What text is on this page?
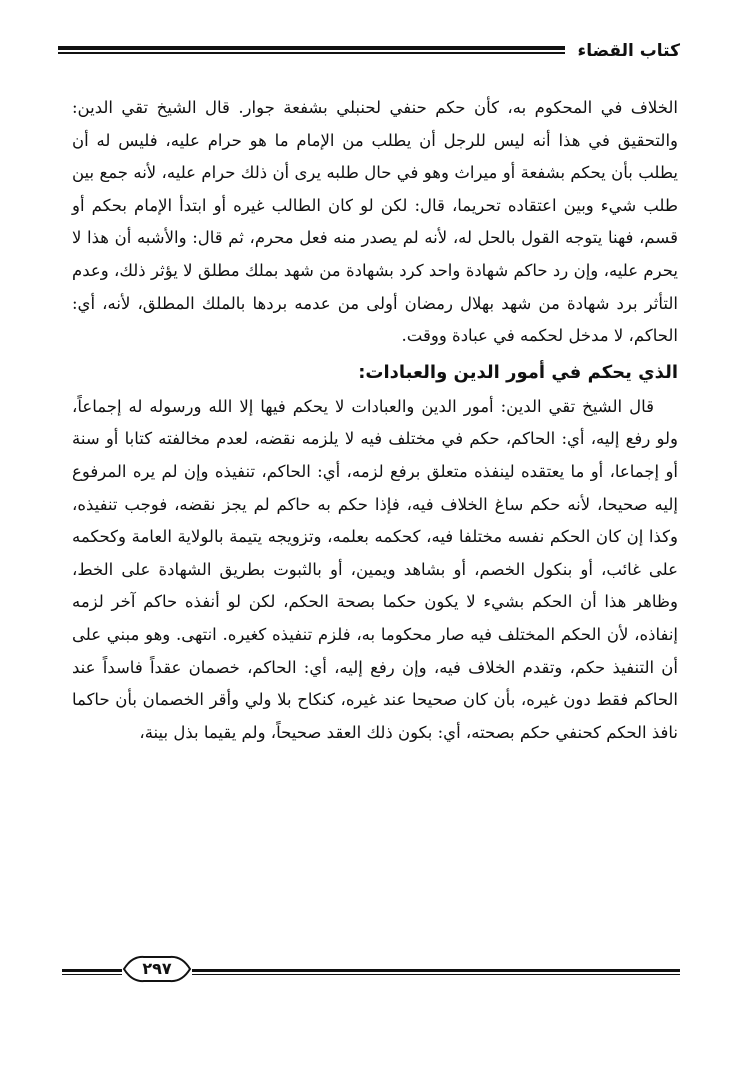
كتاب القضاء

الخلاف في المحكوم به، كأن حكم حنفي لحنبلي بشفعة جوار. قال الشيخ تقي الدين: والتحقيق في هذا أنه ليس للرجل أن يطلب من الإمام ما هو حرام عليه، فليس له أن يطلب بأن يحكم بشفعة أو ميراث وهو في حال طلبه يرى أن ذلك حرام عليه، لأنه جمع بين طلب شيء وبين اعتقاده تحريما، قال: لكن لو كان الطالب غيره أو ابتدأ الإمام بحكم أو قسم، فهنا يتوجه القول بالحل له، لأنه لم يصدر منه فعل محرم، ثم قال: والأشبه أن هذا لا يحرم عليه، وإن رد حاكم شهادة واحد كرد بشهادة من شهد بملك مطلق لا يؤثر ذلك، وعدم التأثر برد شهادة من شهد بهلال رمضان أولى من عدمه بردها بالملك المطلق، لأنه، أي: الحاكم، لا مدخل لحكمه في عبادة ووقت.

الذي يحكم في أمور الدين والعبادات:

قال الشيخ تقي الدين: أمور الدين والعبادات لا يحكم فيها إلا الله ورسوله له إجماعاً، ولو رفع إليه، أي: الحاكم، حكم في مختلف فيه لا يلزمه نقضه، لعدم مخالفته كتابا أو سنة أو إجماعا، أو ما يعتقده لينفذه متعلق برفع لزمه، أي: الحاكم، تنفيذه وإن لم يره المرفوع إليه صحيحا، لأنه حكم ساغ الخلاف فيه، فإذا حكم به حاكم لم يجز نقضه، فوجب تنفيذه، وكذا إن كان الحكم نفسه مختلفا فيه، كحكمه بعلمه، وتزويجه يتيمة بالولاية العامة وكحكمه على غائب، أو بنكول الخصم، أو بشاهد ويمين، أو بالثبوت بطريق الشهادة على الخط، وظاهر هذا أن الحكم بشيء لا يكون حكما بصحة الحكم، لكن لو أنفذه حاكم آخر لزمه إنفاذه، لأن الحكم المختلف فيه صار محكوما به، فلزم تنفيذه كغيره. انتهى. وهو مبني على أن التنفيذ حكم، وتقدم الخلاف فيه، وإن رفع إليه، أي: الحاكم، خصمان عقداً فاسداً عند الحاكم فقط دون غيره، بأن كان صحيحا عند غيره، كنكاح بلا ولي وأقر الخصمان بأن حاكما نافذ الحكم كحنفي حكم بصحته، أي: بكون ذلك العقد صحيحاً، ولم يقيما بذل بينة،

٢٩٧
